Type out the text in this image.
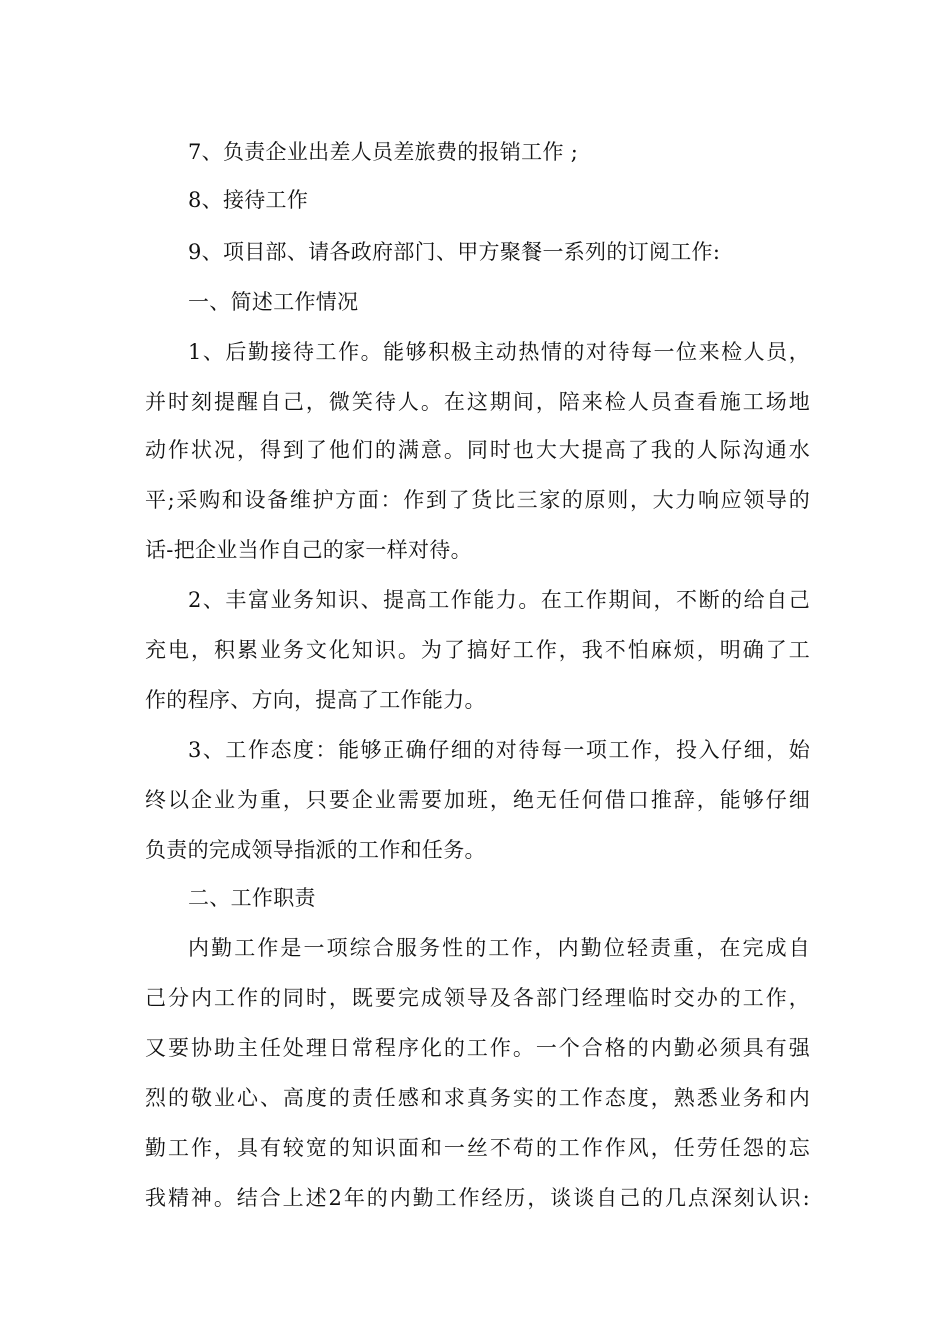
7、负责企业出差人员差旅费的报销工作 ;
8、接待工作
9、项目部、请各政府部门、甲方聚餐一系列的订阅工作:
一、简述工作情况
1、后勤接待工作。能够积极主动热情的对待每一位来检人员，
并时刻提醒自己，微笑待人。在这期间，陪来检人员查看施工场地
动作状况，得到了他们的满意。同时也大大提高了我的人际沟通水
平;采购和设备维护方面：作到了货比三家的原则，大力响应领导的
话-把企业当作自己的家一样对待。
2、丰富业务知识、提高工作能力。在工作期间，不断的给自己
充电，积累业务文化知识。为了搞好工作，我不怕麻烦，明确了工
作的程序、方向，提高了工作能力。
3、工作态度：能够正确仔细的对待每一项工作，投入仔细，始
终以企业为重，只要企业需要加班，绝无任何借口推辞，能够仔细
负责的完成领导指派的工作和任务。
二、工作职责
内勤工作是一项综合服务性的工作，内勤位轻责重，在完成自
己分内工作的同时，既要完成领导及各部门经理临时交办的工作，
又要协助主任处理日常程序化的工作。一个合格的内勤必须具有强
烈的敬业心、高度的责任感和求真务实的工作态度，熟悉业务和内
勤工作，具有较宽的知识面和一丝不苟的工作作风，任劳任怨的忘
我精神。结合上述2年的内勤工作经历，谈谈自己的几点深刻认识:
